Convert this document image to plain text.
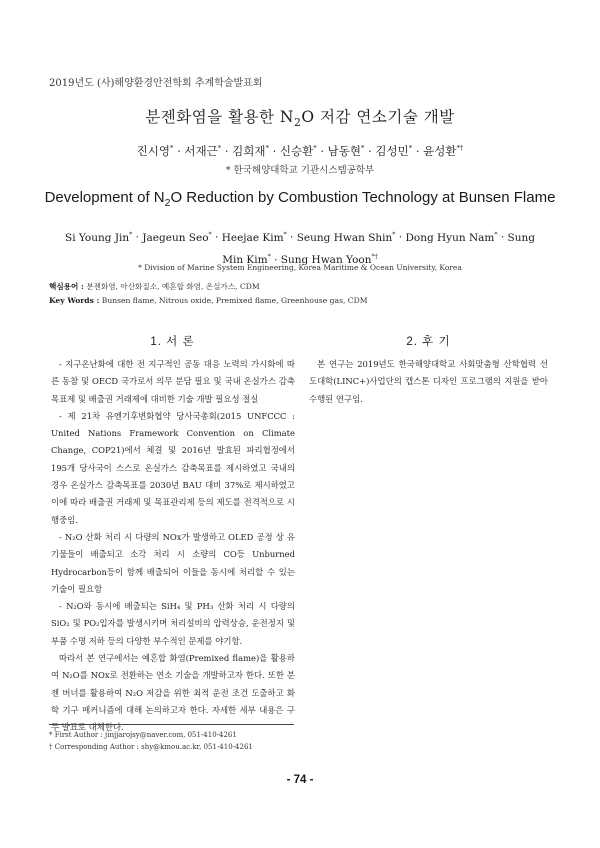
2019년도 (사)해양환경안전학회 추계학술발표회
분젠화염을 활용한 $N_2O$ 저감 연소기술 개발
진시영* · 서재근* · 김희재* · 신승환* · 남동현* · 김성민* · 윤성환*†
* 한국해양대학교 기관시스템공학부
Development of $N_2O$ Reduction by Combustion Technology at Bunsen Flame
Si Young Jin* · Jaegeun Seo* · Heejae Kim* · Seung Hwan Shin* · Dong Hyun Nam* · Sung Min Kim* · Sung Hwan Yoon*†
* Division of Marine System Engineering, Korea Maritime & Ocean University, Korea
핵심용어 : 분젠화염, 아산화질소, 예혼합 화염, 온실가스, CDM
Key Words : Bunsen flame, Nitrous oxide, Premixed flame, Greenhouse gas, CDM
1. 서 론	2. 후 기

- 지구온난화에 대한 전 지구적인 공동 대응 노력의 가시화에 따른 동참 및 OECD 국가로서 의무 분담 필요 및 국내 온실가스 감축목표제 및 배출권 거래제에 대비한 기술 개발 필요성 절실

- 제 21차 유엔기후변화협약 당사국총회(2015 UNFCCC : United Nations Framework Convention on Climate Change, COP21)에서 체결 및 2016년 발효된 파리협정에서 195개 당사국이 스스로 온실가스 감축목표를 제시하였고 국내의 경우 온실가스 감축목표를 2030년 BAU 대비 37%로 제시하였고 이에 따라 배출권 거래제 및 목표관리제 등의 제도를 전격적으로 시행중임.

- N₂O 산화 처리 시 다량의 NOx가 발생하고 OLED 공정 상 유기물들이 배출되고 소각 처리 시 소량의 CO등 Unburned Hydrocarbon등이 함께 배출되어 이들을 동시에 처리할 수 있는 기술이 필요함

- N₂O와 동시에 배출되는 SiH₄ 및 PH₃ 산화 처리 시 다량의 SiO₂ 및 PO₂입자를 발생시키며 처리설비의 압력상승, 운전정지 및 부품 수명 저하 등의 다양한 부수적인 문제를 야기함.

따라서 본 연구에서는 예혼합 화염(Premixed flame)을 활용하여 N₂O를 NOx로 전환하는 연소 기술을 개발하고자 한다. 또한 분젠 버너를 활용하여 N₂O 저감을 위한 최적 운전 조건 도출하고 화학 기구 메커니즘에 대해 논의하고자 한다. 자세한 세부 내용은 구두 발표로 대체한다.

본 연구는 2019년도 한국해양대학교 사회맞춤형 산학협력 선도대학(LINC+)사업단의 캡스톤 디자인 프로그램의 지원을 받아 수행된 연구임.

* First Author : jinjjarojsy@naver.com, 051-410-4261
† Corresponding Author : shy@kmou.ac.kr, 051-410-4261
- 74 -
